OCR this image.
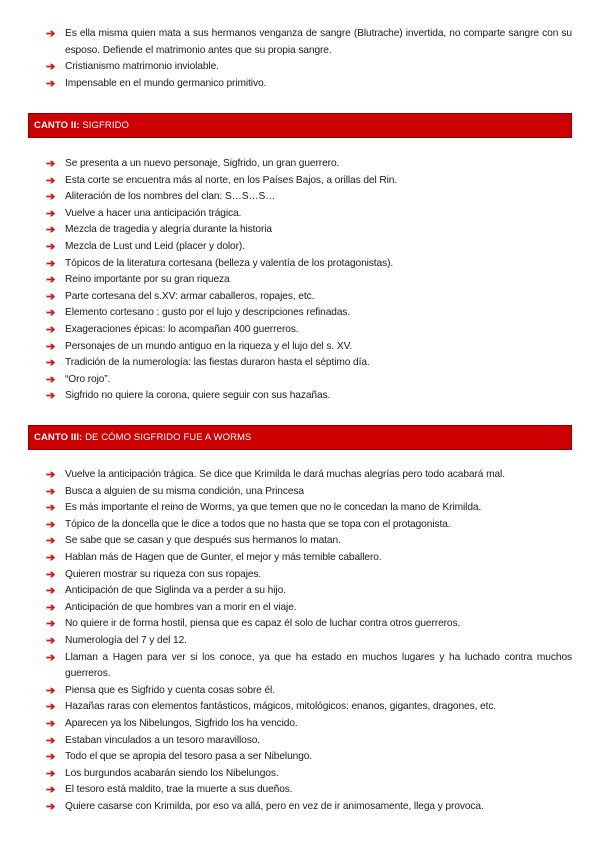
➔ Es ella misma quien mata a sus hermanos venganza de sangre (Blutrache) invertida, no comparte sangre con su esposo. Defiende el matrimonio antes que su propia sangre.
➔ Cristianismo matrimonio inviolable.
➔ Impensable en el mundo germanico primitivo.
CANTO II: SIGFRIDO
➔ Se presenta a un nuevo personaje, Sigfrido, un gran guerrero.
➔ Esta corte se encuentra más al norte, en los Países Bajos, a orillas del Rin.
➔ Aliteración de los nombres del clan: S…S…S…
➔ Vuelve a hacer una anticipación trágica.
➔ Mezcla de tragedia y alegría durante la historia
➔ Mezcla de Lust und Leid (placer y dolor).
➔ Tópicos de la literatura cortesana (belleza y valentía de los protagonistas).
➔ Reino importante por su gran riqueza
➔ Parte cortesana del s.XV: armar caballeros, ropajes, etc.
➔ Elemento cortesano : gusto por el lujo y descripciones refinadas.
➔ Exageraciones épicas: lo acompañan 400 guerreros.
➔ Personajes de un mundo antiguo en la riqueza y el lujo del s. XV.
➔ Tradición de la numerología: las fiestas duraron hasta el séptimo día.
➔ “Oro rojo”.
➔ Sigfrido no quiere la corona, quiere seguir con sus hazañas.
CANTO III: DE CÓMO SIGFRIDO FUE A WORMS
➔ Vuelve la anticipación trágica. Se dice que Krimilda le dará muchas alegrías pero todo acabará mal.
➔ Busca a alguien de su misma condición, una Princesa
➔ Es más importante el reino de Worms, ya que temen que no le concedan la mano de Krimilda.
➔ Tópico de la doncella que le dice a todos que no hasta que se topa con el protagonista.
➔ Se sabe que se casan y que después sus hermanos lo matan.
➔ Hablan más de Hagen que de Gunter, el mejor y más temible caballero.
➔ Quieren mostrar su riqueza con sus ropajes.
➔ Anticipación de que Siglinda va a perder a su hijo.
➔ Anticipación de que hombres van a morir en el viaje.
➔ No quiere ir de forma hostil, piensa que es capaz él solo de luchar contra otros guerreros.
➔ Numerología del 7 y del 12.
➔ Llaman a Hagen para ver si los conoce, ya que ha estado en muchos lugares y ha luchado contra muchos guerreros.
➔ Piensa que es Sigfrido y cuenta cosas sobre él.
➔ Hazañas raras con elementos fantásticos, mágicos, mitológicos: enanos, gigantes, dragones, etc.
➔ Aparecen ya los Nibelungos, Sigfrido los ha vencido.
➔ Estaban vinculados a un tesoro maravilloso.
➔ Todo el que se apropia del tesoro pasa a ser Nibelungo.
➔ Los burgundos acabarán siendo los Nibelungos.
➔ El tesoro está maldito, trae la muerte a sus dueños.
➔ Quiere casarse con Krimilda, por eso va allá, pero en vez de ir animosamente, llega y provoca.
